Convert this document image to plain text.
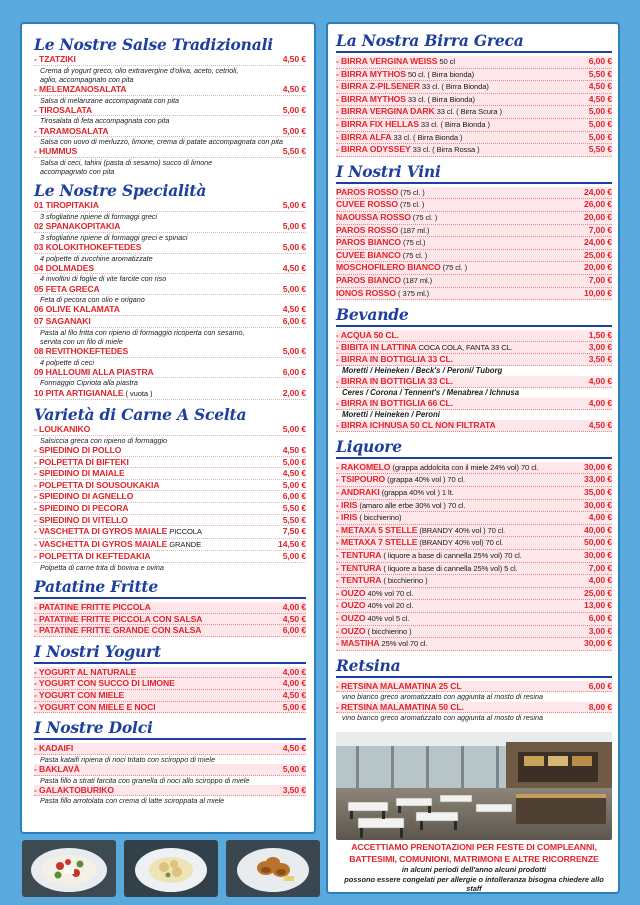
Le Nostre Salse Tradizionali
- TZATZIKI	4,50 €
Crema di yogurt greco, olio extravergine d'oliva, aceto, cetrioli,
aglio, accompagnato con pita
- MELEMZANOSALATA	4,50 €
Salsa di melanzane accompagnata con pita
- TIROSALATA	5,00 €
Tirosalata di feta accompagnata con pita
- TARAMOSALATA	5,00 €
Salsa con uovo di merluzzo, limone, crema di patate accompagnata con pita
- HUMMUS	5,50 €
Salsa di ceci, tahini (pasta di sesamo) succo di limone
accompagnato con pita
Le Nostre Specialità
01 TIROPITAKIA	5,00 €
3 sfogliatine ripiene di formaggi greci
02 SPANAKOPITAKIA	5,00 €
3 sfogliatine ripiene di formaggi greci e spinaci
03 KOLOKITHOKEFTEDES	5,00 €
4 polpette di zucchine aromatizzate
04 DOLMADES	4,50 €
4 involtini di foglie di vite farcite con riso
05 FETA GRECA	5,00 €
Feta di pecora con olio e origano
06 OLIVE KALAMATA	4,50 €
07 SAGANAKI	6,00 €
Pasta al filo fritta con ripieno di formaggio ricoperta con sesamo,
servita con un filo di miele
08 REVITHOKEFTEDES	5,00 €
4 polpette di ceci
09 HALLOUMI ALLA PIASTRA	6,00 €
Formaggio Cipriota alla piastra
10 PITA ARTIGIANALE ( vuota )	2,00 €
Varietà di Carne A Scelta
- LOUKANIKO	5,00 €
Salsiccia greca con ripieno di formaggio
- SPIEDINO DI POLLO	4,50 €
- POLPETTA DI BIFTEKI	5,00 €
- SPIEDINO DI MAIALE	4,50 €
- POLPETTA DI SOUSOUKAKIA	5,00 €
- SPIEDINO DI AGNELLO	6,00 €
- SPIEDINO DI PECORA	5,50 €
- SPIEDINO DI VITELLO	5,50 €
- VASCHETTA DI GYROS MAIALE PICCOLA	7,50 €
- VASCHETTA DI GYROS MAIALE GRANDE	14,50 €
- POLPETTA DI KEFTEDAKIA	5,00 €
Polpetta di carne trita di bovina e ovina
Patatine Fritte
- PATATINE FRITTE PICCOLA	4,00 €
- PATATINE FRITTE PICCOLA CON SALSA	4,50 €
- PATATINE FRITTE GRANDE CON SALSA	6,00 €
I Nostri Yogurt
- YOGURT AL NATURALE	4,00 €
- YOGURT CON SUCCO DI LIMONE	4,00 €
- YOGURT CON MIELE	4,50 €
- YOGURT CON MIELE E NOCI	5,00 €
I Nostre Dolci
- KADAIFI	4,50 €
Pasta kataifi ripiena di noci tritato con sciroppo di miele
- BAKLAVÀ	5,00 €
Pasta fillo a strati farcita con granella di noci allo sciroppo di miele
- GALAKTOBURIKO	3,50 €
Pasta fillo arrotolata con crema di latte sciroppata al miele
La Nostra Birra Greca
- BIRRA VERGINA WEISS 50 cl	6,00 €
- BIRRA MYTHOS 50 cl. ( Birra bionda)	5,50 €
- BIRRA Z-PILSENER 33 cl. ( Birra Bionda)	4,50 €
- BIRRA MYTHOS 33 cl. ( Birra Bionda)	4,50 €
- BIRRA VERGINA DARK 33 cl. ( Birra Scura )	5,00 €
- BIRRA FIX HELLAS 33 cl. ( Birra Bionda )	5,00 €
- BIRRA ALFA 33 cl. ( Birra Bionda )	5,00 €
- BIRRA ODYSSEY 33 cl. ( Birra Rossa )	5,50 €
I Nostri Vini
PAROS ROSSO (75 cl. )	24,00 €
CUVEE ROSSO (75 cl. )	26,00 €
NAOUSSA ROSSO (75 cl. )	20,00 €
PAROS ROSSO (187 ml.)	7,00 €
PAROS BIANCO (75 cl.)	24,00 €
CUVEE BIANCO (75 cl. )	25,00 €
MOSCHOFILERO BIANCO (75 cl. )	20,00 €
PAROS BIANCO (187 ml.)	7,00 €
IONOS ROSSO ( 375 ml.)	10,00 €
Bevande
- ACQUA 50 CL.	1,50 €
- BIBITA IN LATTINA COCA COLA, FANTA 33 CL.	3,00 €
- BIRRA IN BOTTIGLIA 33 CL.	3,50 €
Moretti / Heineken / Beck's / Peroni/ Tuborg
- BIRRA IN BOTTIGLIA 33 CL.	4,00 €
Ceres / Corona / Tennent's / Menabrea / Ichnusa
- BIRRA IN BOTTIGLIA 66 CL.	4,00 €
Moretti / Heineken / Peroni
- BIRRA ICHNUSA 50 CL NON FILTRATA	4,50 €
Liquore
- RAKOMELO (grappa addolcita con il miele 24% vol) 70 cl.	30,00 €
- TSIPOURO (grappa 40% vol ) 70 cl.	33,00 €
- ANDRAKI (grappa 40% vol ) 1 lt.	35,00 €
- IRIS (amaro alle erbe 30% vol ) 70 cl.	30,00 €
- IRIS ( bicchierino)	4,00 €
- METAXA 5 STELLE (BRANDY 40% vol ) 70 cl.	40,00 €
- METAXA 7 STELLE (BRANDY 40% vol) 70 cl.	50,00 €
- TENTURA ( liquore a base di cannella 25% vol) 70 cl.	30,00 €
- TENTURA ( liquore a base di cannella 25% vol) 5 cl.	7,00 €
- TENTURA ( bicchierino )	4,00 €
- OUZO 40% vol 70 cl.	25,00 €
- OUZO 40% vol 20 cl.	13,00 €
- OUZO 40% vol 5 cl.	6,00 €
- OUZO ( bicchierino )	3,00 €
- MASTIHA 25% vol 70 cl.	30,00 €
Retsina
- RETSINA MALAMATINA 25 CL	6,00 €
vino bianco greco aromatizzato con aggiunta al mosto di resina
- RETSINA MALAMATINA 50 CL.	8,00 €
vino bianco greco aromatizzato con aggiunta al mosto di resina
ACCETTIAMO PRENOTAZIONI PER FESTE DI COMPLEANNI,
BATTESIMI, COMUNIONI, MATRIMONI E ALTRE RICORRENZE
in alcuni periodi dell'anno alcuni prodotti
possono essere congelati per allergie o intolleranza bisogna chiedere allo staff
